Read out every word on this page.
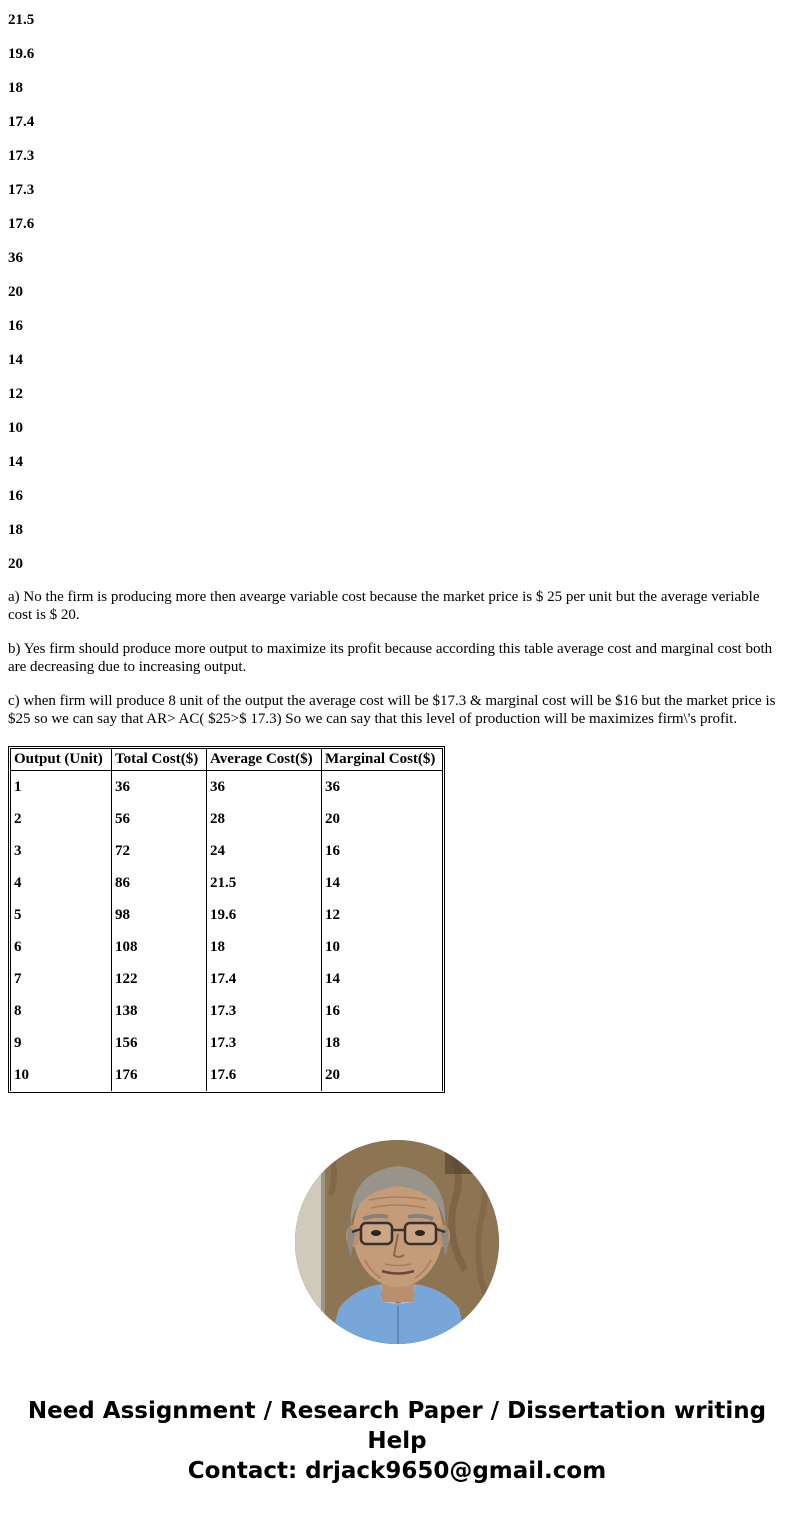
21.5

19.6

18

17.4

17.3

17.3

17.6

36

20

16

14

12

10

14

16

18

20

a) No the firm is producing more then avearge variable cost because the market price is $ 25 per unit but the average veriable cost is $ 20.

b) Yes firm should produce more output to maximize its profit because according this table average cost and marginal cost both are decreasing due to increasing output.

c) when firm will produce 8 unit of the output the average cost will be $17.3 & marginal cost will be $16 but the market price is $25 so we can say that AR> AC( $25>$ 17.3) So we can say that this level of production will be maximizes firm\'s profit.

Output (Unit)	Total Cost($)	Average Cost($)	Marginal Cost($)
1	36	36	36
2	56	28	20
3	72	24	16
4	86	21.5	14
5	98	19.6	12
6	108	18	10
7	122	17.4	14
8	138	17.3	16
9	156	17.3	18
10	176	17.6	20

Need Assignment / Research Paper / Dissertation writing Help

Contact: drjack9650@gmail.com
